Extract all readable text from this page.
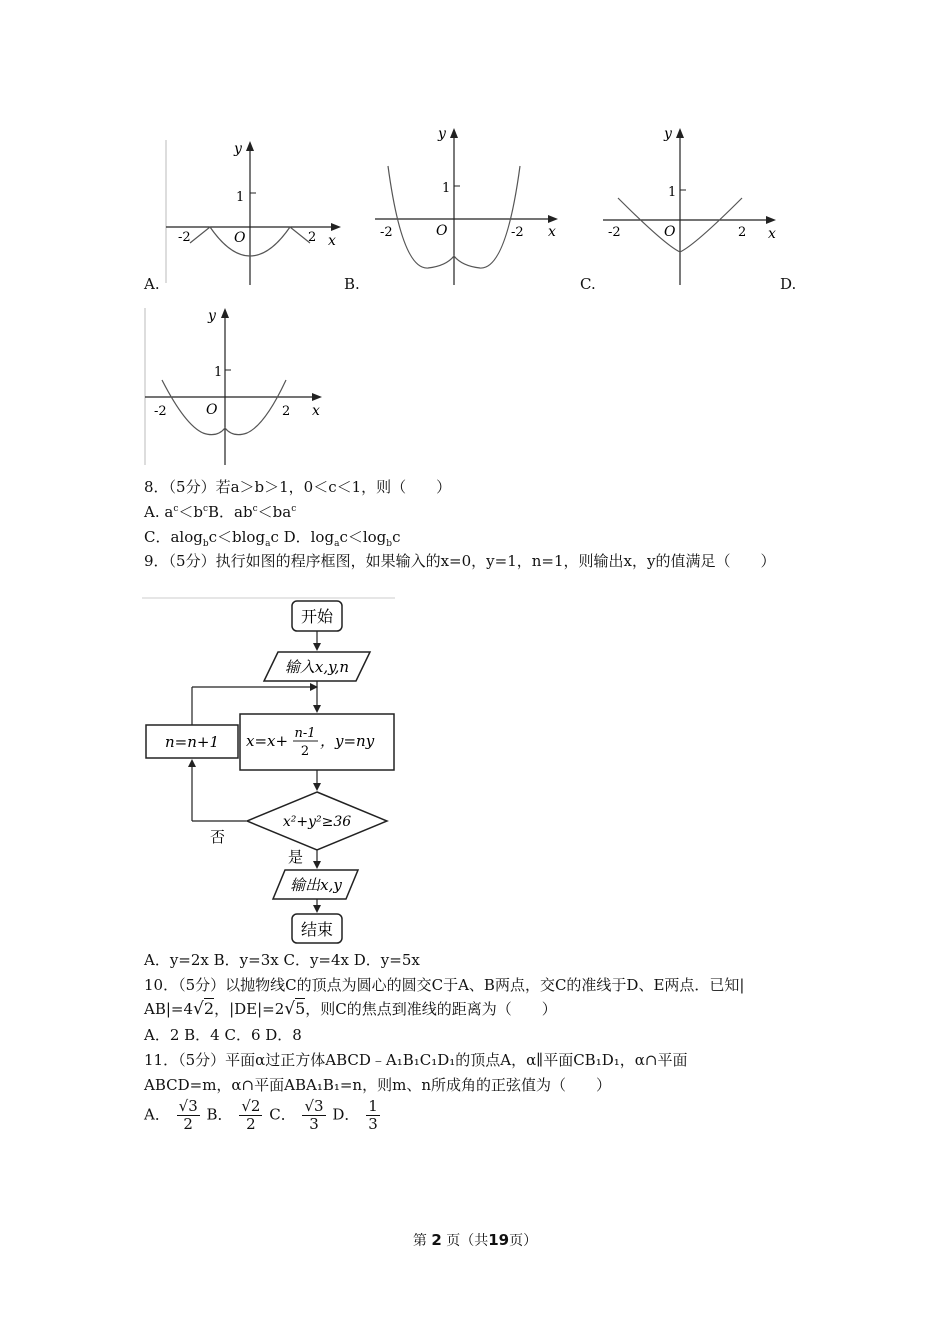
y
1
O
-2	2 x
A.
y
1
O
-2	-2 x
B.
y
1
O
-2	2 x
C.	D.
y
1
O
-2	2 x
8．（5分）若a＞b＞1，0＜c＜1，则（　　）
A. $a^c<b^cB$．$ab^c<ba^c$
C．alog$_b$c＜blog$_a$c D．$\log_ac<\log_bc$
9．（5分）执行如图的程序框图，如果输入的x=0，y=1，n=1，则输出x，y的值满足（　　）
开始
输入x,y,n
n=n+1 x=x+ n-1
2
，y=ny
x²+y²≥36
否
是
输出x,y
结束
A．y=2x B．y=3x C．y=4x D．y=5x
10．（5分）以抛物线C的顶点为圆心的圆交C于A、B两点，交C的准线于D、E两点．已知|
AB|=4√2，|DE|=2√5，则C的焦点到准线的距离为（　　）
A．2 B．4 C．6 D．8
11．（5分）平面α过正方体ABCD﹣A₁B₁C₁D₁的顶点A，α∥平面CB₁D₁，α∩平面
ABCD=m，α∩平面ABA₁B₁=n，则m、n所成角的正弦值为（　　）
A． $\frac{√3}{2}$ B． $\frac{√2}{2}$ C． $\frac{√3}{3}$ D． $\frac{1}{3}$
第 2 页（共19页）
